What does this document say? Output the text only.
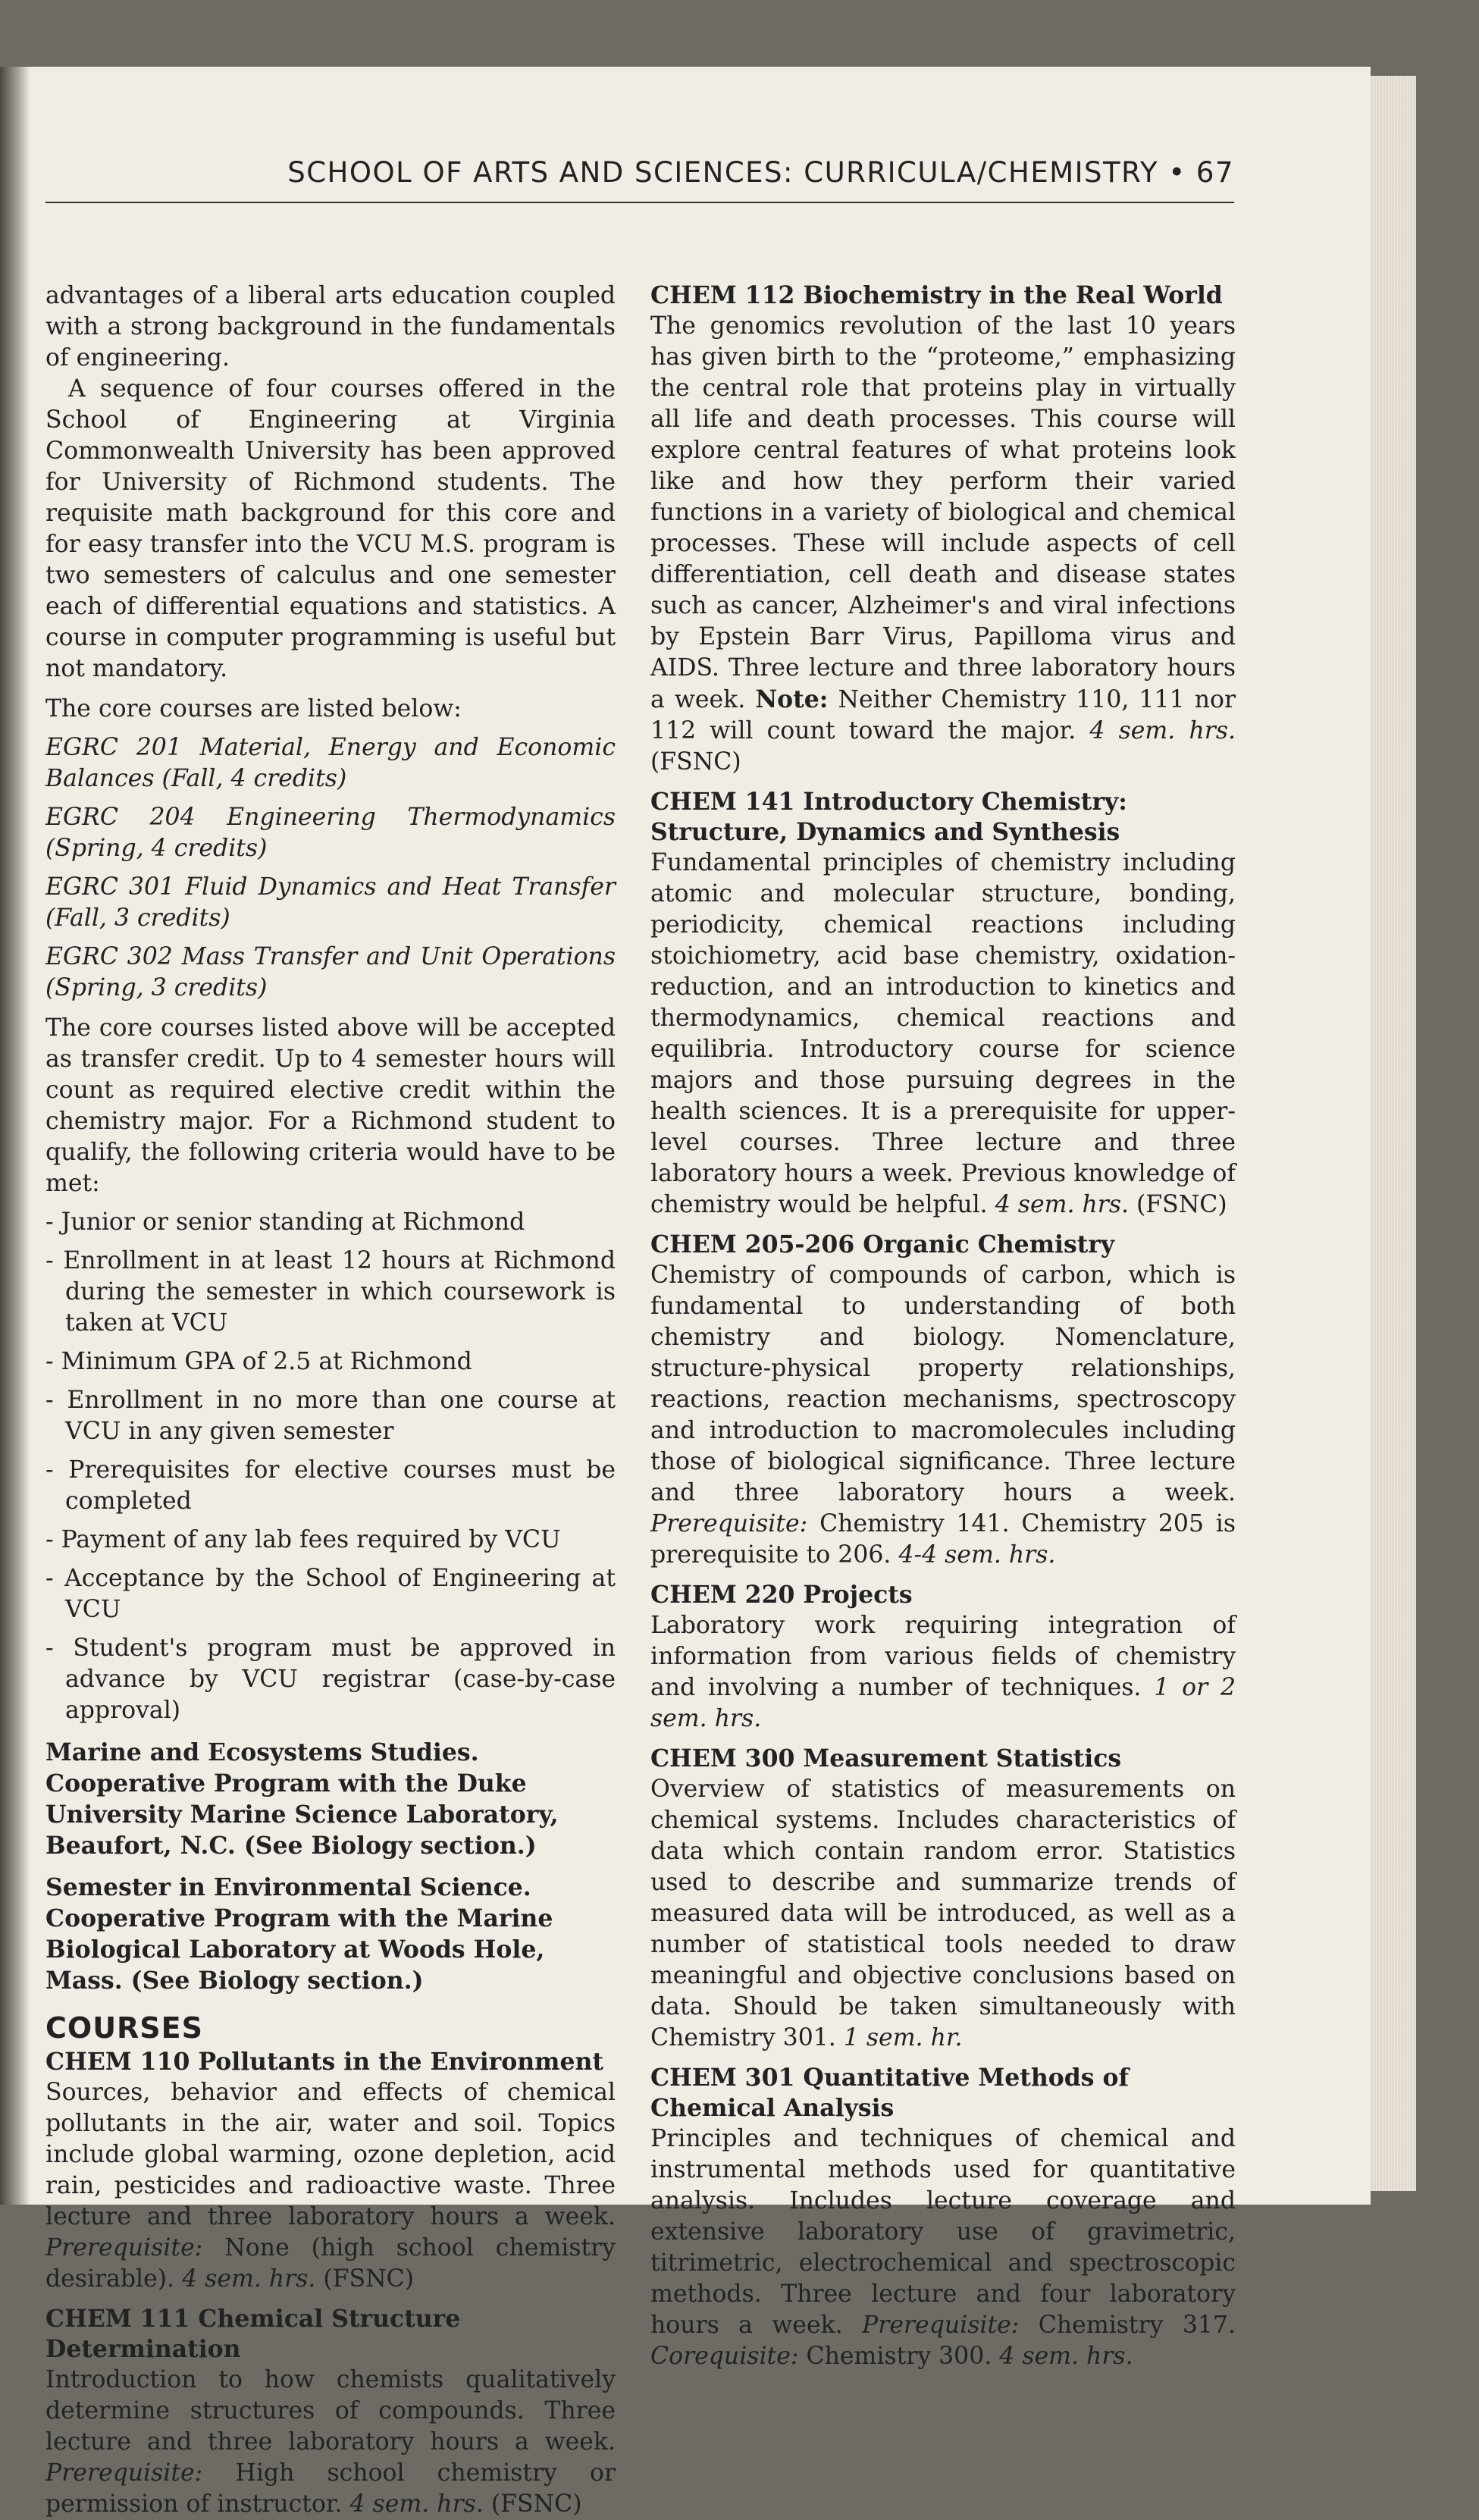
SCHOOL OF ARTS AND SCIENCES: CURRICULA/CHEMISTRY • 67

advantages of a liberal arts education coupled with a strong background in the fundamentals of engineering.

A sequence of four courses offered in the School of Engineering at Virginia Commonwealth University has been approved for University of Richmond students. The requisite math background for this core and for easy transfer into the VCU M.S. program is two semesters of calculus and one semester each of differential equations and statistics. A course in computer programming is useful but not mandatory.

The core courses are listed below:

EGRC 201 Material, Energy and Economic Balances (Fall, 4 credits)

EGRC 204 Engineering Thermodynamics (Spring, 4 credits)

EGRC 301 Fluid Dynamics and Heat Transfer (Fall, 3 credits)

EGRC 302 Mass Transfer and Unit Operations (Spring, 3 credits)

The core courses listed above will be accepted as transfer credit. Up to 4 semester hours will count as required elective credit within the chemistry major. For a Richmond student to qualify, the following criteria would have to be met:

- Junior or senior standing at Richmond

- Enrollment in at least 12 hours at Richmond during the semester in which coursework is taken at VCU

- Minimum GPA of 2.5 at Richmond

- Enrollment in no more than one course at VCU in any given semester

- Prerequisites for elective courses must be completed

- Payment of any lab fees required by VCU

- Acceptance by the School of Engineering at VCU

- Student's program must be approved in advance by VCU registrar (case-by-case approval)

Marine and Ecosystems Studies. Cooperative Program with the Duke University Marine Science Laboratory, Beaufort, N.C. (See Biology section.)

Semester in Environmental Science. Cooperative Program with the Marine Biological Laboratory at Woods Hole, Mass. (See Biology section.)

COURSES
CHEM 110 Pollutants in the Environment

Sources, behavior and effects of chemical pollutants in the air, water and soil. Topics include global warming, ozone depletion, acid rain, pesticides and radioactive waste. Three lecture and three laboratory hours a week. Prerequisite: None (high school chemistry desirable). 4 sem. hrs. (FSNC)

CHEM 111 Chemical Structure Determination

Introduction to how chemists qualitatively determine structures of compounds. Three lecture and three laboratory hours a week. Prerequisite: High school chemistry or permission of instructor. 4 sem. hrs. (FSNC)

CHEM 112 Biochemistry in the Real World

The genomics revolution of the last 10 years has given birth to the “proteome,” emphasizing the central role that proteins play in virtually all life and death processes. This course will explore central features of what proteins look like and how they perform their varied functions in a variety of biological and chemical processes. These will include aspects of cell differentiation, cell death and disease states such as cancer, Alzheimer's and viral infections by Epstein Barr Virus, Papilloma virus and AIDS. Three lecture and three laboratory hours a week. Note: Neither Chemistry 110, 111 nor 112 will count toward the major. 4 sem. hrs. (FSNC)

CHEM 141 Introductory Chemistry: Structure, Dynamics and Synthesis

Fundamental principles of chemistry including atomic and molecular structure, bonding, periodicity, chemical reactions including stoichiometry, acid base chemistry, oxidation-reduction, and an introduction to kinetics and thermodynamics, chemical reactions and equilibria. Introductory course for science majors and those pursuing degrees in the health sciences. It is a prerequisite for upper-level courses. Three lecture and three laboratory hours a week. Previous knowledge of chemistry would be helpful. 4 sem. hrs. (FSNC)

CHEM 205-206 Organic Chemistry

Chemistry of compounds of carbon, which is fundamental to understanding of both chemistry and biology. Nomenclature, structure-physical property relationships, reactions, reaction mechanisms, spectroscopy and introduction to macromolecules including those of biological significance. Three lecture and three laboratory hours a week. Prerequisite: Chemistry 141. Chemistry 205 is prerequisite to 206. 4-4 sem. hrs.

CHEM 220 Projects

Laboratory work requiring integration of information from various fields of chemistry and involving a number of techniques. 1 or 2 sem. hrs.

CHEM 300 Measurement Statistics

Overview of statistics of measurements on chemical systems. Includes characteristics of data which contain random error. Statistics used to describe and summarize trends of measured data will be introduced, as well as a number of statistical tools needed to draw meaningful and objective conclusions based on data. Should be taken simultaneously with Chemistry 301. 1 sem. hr.

CHEM 301 Quantitative Methods of Chemical Analysis

Principles and techniques of chemical and instrumental methods used for quantitative analysis. Includes lecture coverage and extensive laboratory use of gravimetric, titrimetric, electrochemical and spectroscopic methods. Three lecture and four laboratory hours a week. Prerequisite: Chemistry 317. Corequisite: Chemistry 300. 4 sem. hrs.
